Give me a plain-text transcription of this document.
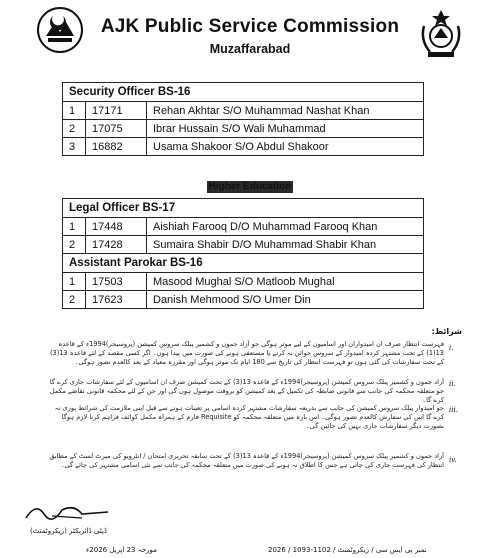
AJK Public Service Commission
Muzaffarabad
Security Officer BS-16		
1	17171	Rehan Akhtar S/O Muhammad Nashat Khan
2	17075	Ibrar Hussain S/O Wali Muhammad
3	16882	Usama Shakoor S/O Abdul Shakoor
Higher Education
Legal Officer BS-17		
1	17448	Aishiah Farooq D/O Muhammad Farooq Khan
2	17428	Sumaira Shabir D/O Muhammad Shabir Khan
Assistant Parokar BS-16		
1	17503	Masood Mughal S/O Matloob Mughal
2	17623	Danish Mehmood S/O Umer Din
شرائط:
i.
فہرست انتظار صرف ان امیدواران اور اسامیوں کے لیے موثر ہوگی جو آزاد جموں و کشمیر پبلک سروس کمیشن (پروسیجر)1994ء کے قاعدہ 13(1) کے تحت مشتہر کردہ امیدوار کے سروس جوائن نہ کرنے یا مستعفی ہونے کی صورت میں پیدا ہوں۔ اگر کسی مقصد کے لئے قاعدہ 13(3) کے تحت سفارشات کی گئی ہوں تو فہرست انتظار کی تاریخ سے 180 ایام تک موثر ہوگی اور مقررہ معیاد کے بعد کالعدم تصور ہوگی۔
ii.
آزاد جموں و کشمیر پبلک سروس کمیشن (پروسیجر)1994ء کے قاعدہ 13(3) کے تحت کمیشن صرف ان اسامیوں کے لئے سفارشات جاری کرے گا جو متعلقہ محکمہ کی جانب سے قانونی ضابطہ کی تکمیل کے بعد کمیشن کو بروقت موصول ہوں گی اور جن کے لئے محکمہ قانونی تقاضے مکمل کرے گا۔
iii.
جو امیدوار پبلک سروس کمیشن کی جانب سے بذریعہ سفارشات مشتہر کردہ اسامی پر تعینات ہونے سے قبل اپنی ملازمت کی شرائط پوری نہ کرے گا اس کی سفارش کالعدم تصور ہوگی۔ اس بارہ میں متعلقہ محکمہ کو Requisite فارم کے ہمراہ مکمل کوائف فراہم کرنا لازم ہوگا بصورت دیگر سفارشات جاری نہیں کی جائیں گی۔
iv.
آزاد جموں و کشمیر پبلک سروس کمیشن (پروسیجر)1994ء کے قاعدہ 13(3) کے تحت سابقہ تحریری امتحان / انٹرویو کی میرٹ لسٹ کے مطابق انتظار کی فہرست جاری کی جاتی ہے جس کا اطلاق نہ ہونے کی صورت میں متعلقہ محکمہ کی جانب سے نئی اسامی مشتہر کی جائے گی۔
ڈپٹی ڈائریکٹر (ریکروٹمنٹ)
مورخہ 23 اپریل 2026ء	نمبر پی ایس سی / ریکروٹمنٹ / 1102-1093 / 2026
